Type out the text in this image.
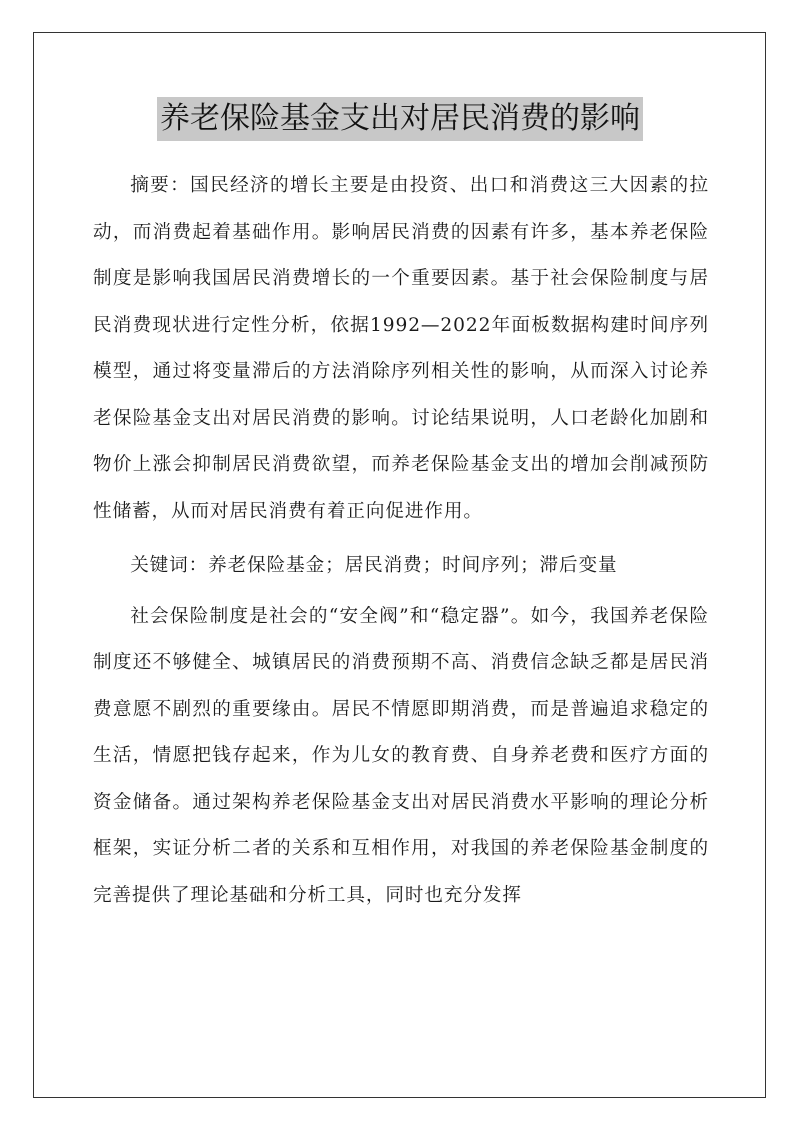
养老保险基金支出对居民消费的影响

摘要：国民经济的增长主要是由投资、出口和消费这三大因素的拉动，而消费起着基础作用。影响居民消费的因素有许多，基本养老保险制度是影响我国居民消费增长的一个重要因素。基于社会保险制度与居民消费现状进行定性分析，依据1992—2022年面板数据构建时间序列模型，通过将变量滞后的方法消除序列相关性的影响，从而深入讨论养老保险基金支出对居民消费的影响。讨论结果说明，人口老龄化加剧和物价上涨会抑制居民消费欲望，而养老保险基金支出的增加会削减预防性储蓄，从而对居民消费有着正向促进作用。

关键词：养老保险基金；居民消费；时间序列；滞后变量

社会保险制度是社会的“安全阀”和“稳定器”。如今，我国养老保险制度还不够健全、城镇居民的消费预期不高、消费信念缺乏都是居民消费意愿不剧烈的重要缘由。居民不情愿即期消费，而是普遍追求稳定的生活，情愿把钱存起来，作为儿女的教育费、自身养老费和医疗方面的资金储备。通过架构养老保险基金支出对居民消费水平影响的理论分析框架，实证分析二者的关系和互相作用，对我国的养老保险基金制度的完善提供了理论基础和分析工具，同时也充分发挥
